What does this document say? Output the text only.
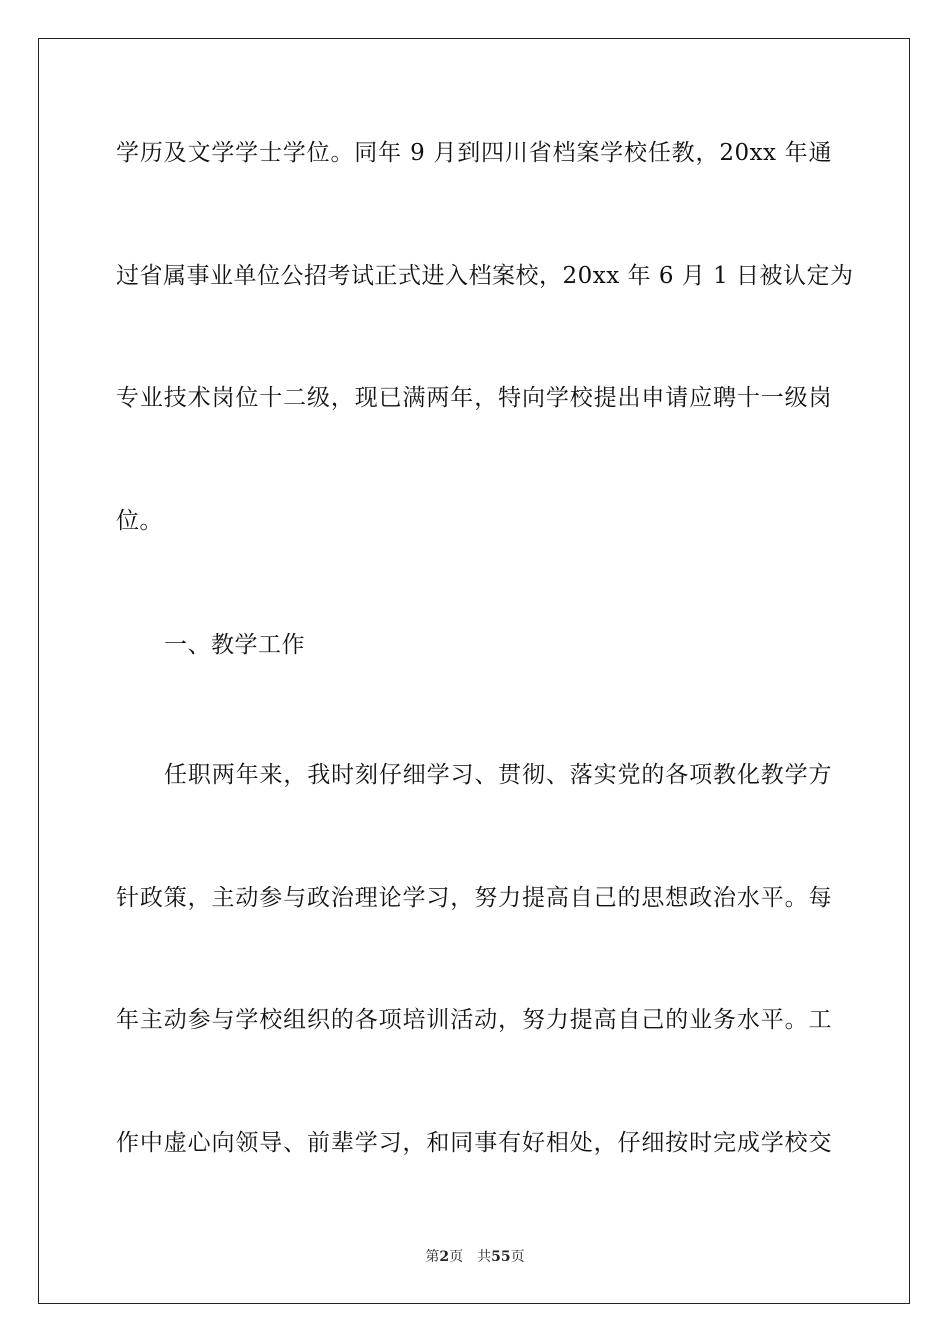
学历及文学学士学位。同年 9 月到四川省档案学校任教，20xx 年通
过省属事业单位公招考试正式进入档案校，20xx 年 6 月 1 日被认定为
专业技术岗位十二级，现已满两年，特向学校提出申请应聘十一级岗
位。
一、教学工作
任职两年来，我时刻仔细学习、贯彻、落实党的各项教化教学方
针政策，主动参与政治理论学习，努力提高自己的思想政治水平。每
年主动参与学校组织的各项培训活动，努力提高自己的业务水平。工
作中虚心向领导、前辈学习，和同事有好相处，仔细按时完成学校交
第2页 共55页
